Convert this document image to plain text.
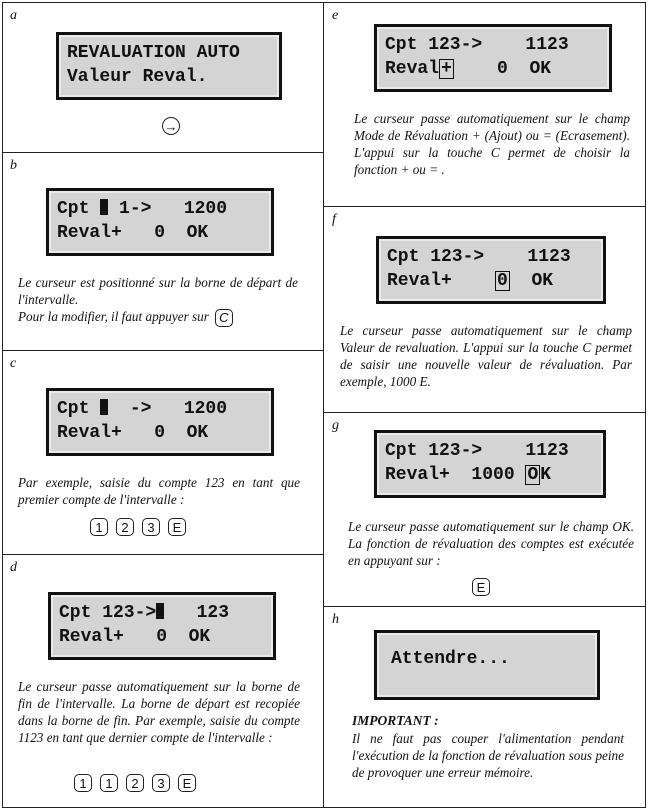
a
REVALUATION AUTO
Valeur Reval.
→
b
Cpt  1->   1200
Reval+   0  OK
Le curseur est positionné sur la borne de départ de l'intervalle.
Pour la modifier, il faut appuyer sur C
c
Cpt   ->   1200
Reval+   0  OK
Par exemple, saisie du compte 123 en tant que premier compte de l'intervalle :
1	2	3	E
d
Cpt 123->   123
Reval+   0  OK
Le curseur passe automatiquement sur la borne de fin de l'intervalle. La borne de départ est recopiée dans la borne de fin. Par exemple, saisie du compte 1123 en tant que dernier compte de l'intervalle :
1	1	2	3	E
e
Cpt 123->    1123
Reval +    0  OK
Le curseur passe automatiquement sur le champ Mode de Révaluation + (Ajout) ou = (Ecrasement). L'appui sur la touche C permet de choisir la fonction + ou = .
f
Cpt 123->    1123
Reval+    0  OK
Le curseur passe automatiquement sur le champ Valeur de revaluation. L'appui sur la touche C permet de saisir une nouvelle valeur de révaluation. Par exemple, 1000 E.
g
Cpt 123->    1123
Reval+  1000 O K
Le curseur passe automatiquement sur le champ OK. La fonction de révaluation des comptes est exécutée en appuyant sur :
E
h
Attendre...
IMPORTANT :
Il ne faut pas couper l'alimentation pendant l'exécution de la fonction de révaluation sous peine de provoquer une erreur mémoire.
